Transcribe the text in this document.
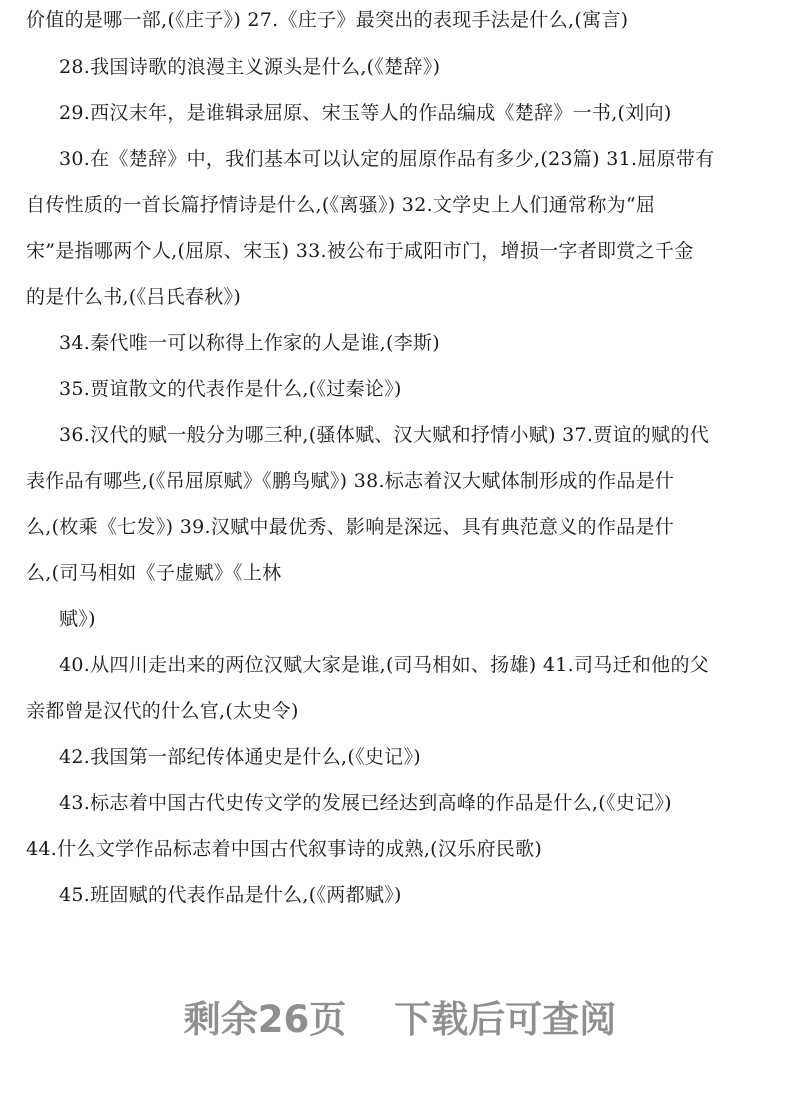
价值的是哪一部,(《庄子》) 27.《庄子》最突出的表现手法是什么,(寓言)
28.我国诗歌的浪漫主义源头是什么,(《楚辞》)
29.西汉末年，是谁辑录屈原、宋玉等人的作品编成《楚辞》一书,(刘向)
30.在《楚辞》中，我们基本可以认定的屈原作品有多少,(23篇) 31.屈原带有
自传性质的一首长篇抒情诗是什么,(《离骚》) 32.文学史上人们通常称为“屈
宋”是指哪两个人,(屈原、宋玉) 33.被公布于咸阳市门，增损一字者即赏之千金
的是什么书,(《吕氏春秋》)
34.秦代唯一可以称得上作家的人是谁,(李斯)
35.贾谊散文的代表作是什么,(《过秦论》)
36.汉代的赋一般分为哪三种,(骚体赋、汉大赋和抒情小赋) 37.贾谊的赋的代
表作品有哪些,(《吊屈原赋》《鹏鸟赋》) 38.标志着汉大赋体制形成的作品是什
么,(枚乘《七发》) 39.汉赋中最优秀、影响是深远、具有典范意义的作品是什
么,(司马相如《子虚赋》《上林
赋》)
40.从四川走出来的两位汉赋大家是谁,(司马相如、扬雄) 41.司马迁和他的父
亲都曾是汉代的什么官,(太史令)
42.我国第一部纪传体通史是什么,(《史记》)
43.标志着中国古代史传文学的发展已经达到高峰的作品是什么,(《史记》)
44.什么文学作品标志着中国古代叙事诗的成熟,(汉乐府民歌)
45.班固赋的代表作品是什么,(《两都赋》)
剩余26页 下载后可查阅
